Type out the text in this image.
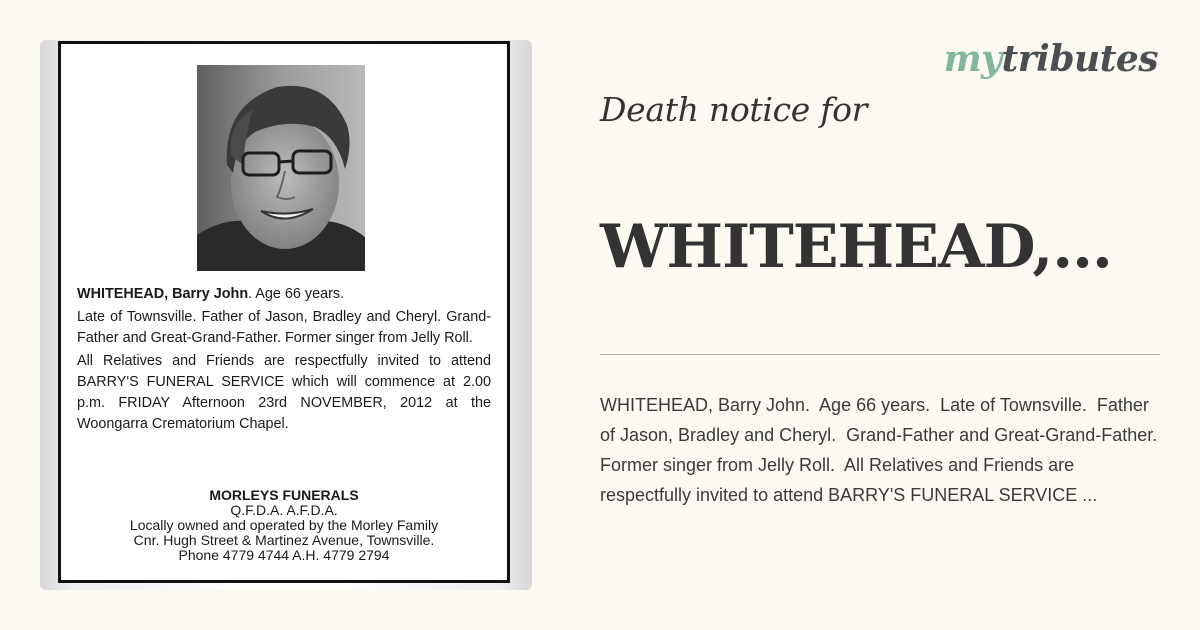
WHITEHEAD, Barry John. Age 66 years.

Late of Townsville. Father of Jason, Bradley and Cheryl. Grand-Father and Great-Grand-Father. Former singer from Jelly Roll.

All Relatives and Friends are respectfully invited to attend BARRY'S FUNERAL SERVICE which will commence at 2.00 p.m. FRIDAY Afternoon 23rd NOVEMBER, 2012 at the Woongarra Crematorium Chapel.

MORLEYS FUNERALS
Q.F.D.A. A.F.D.A.
Locally owned and operated by the Morley Family
Cnr. Hugh Street & Martinez Avenue, Townsville.
Phone 4779 4744 A.H. 4779 2794
mytributes
Death notice for
WHITEHEAD,...
WHITEHEAD, Barry John.  Age 66 years.  Late of Townsville.  Father of Jason, Bradley and Cheryl.  Grand-Father and Great-Grand-Father.  Former singer from Jelly Roll.  All Relatives and Friends are respectfully invited to attend BARRY'S FUNERAL SERVICE ...
